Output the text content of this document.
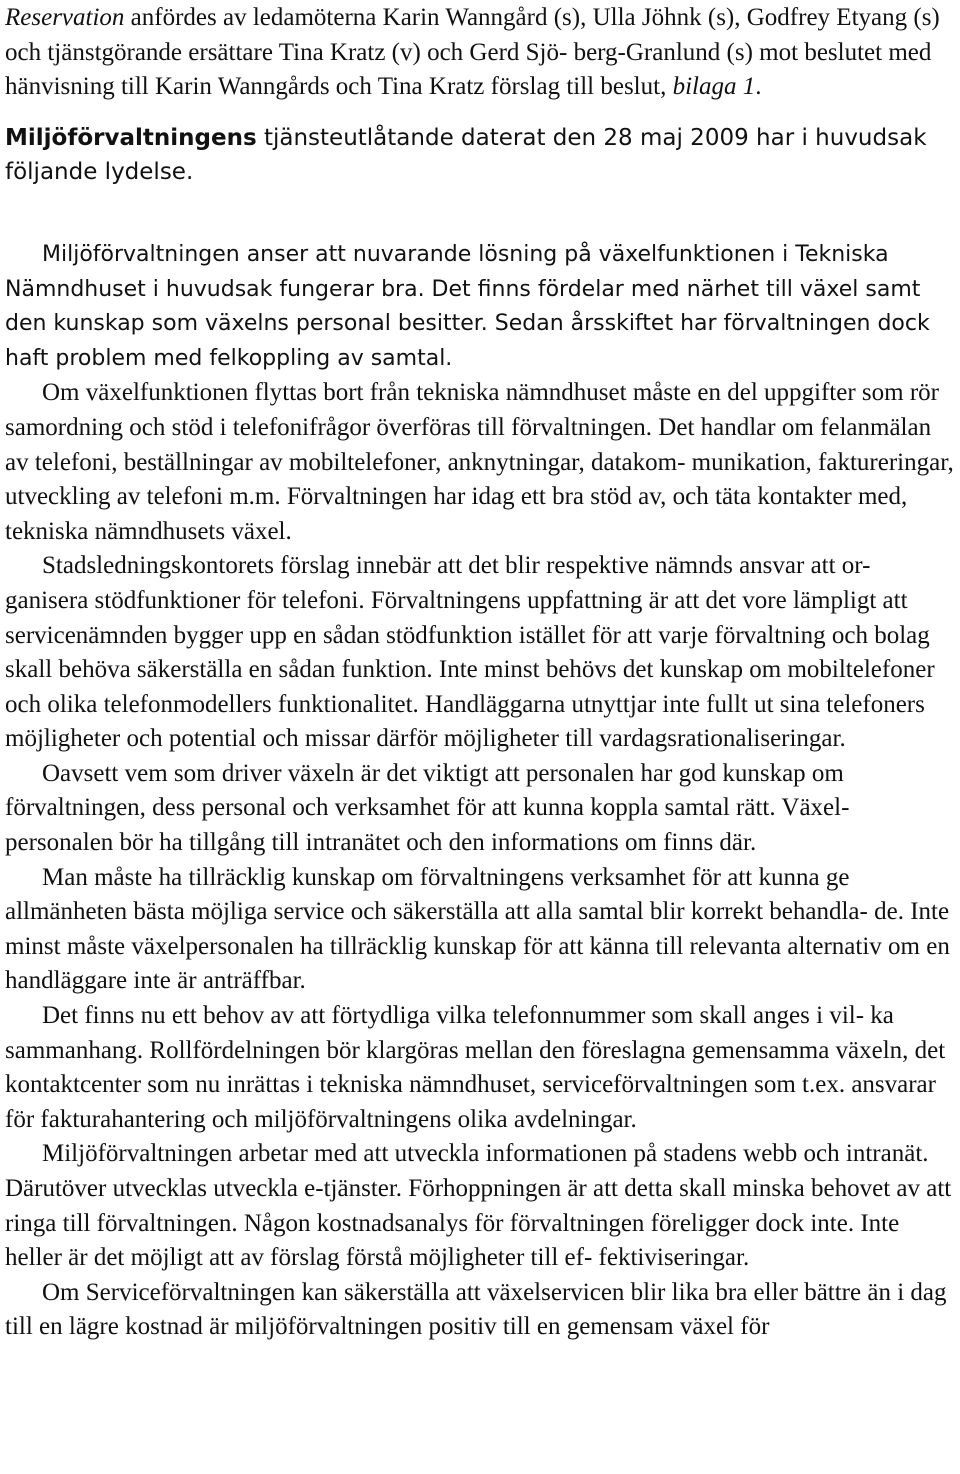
Reservation anfördes av ledamöterna Karin Wanngård (s), Ulla Jöhnk (s), Godfrey Etyang (s) och tjänstgörande ersättare Tina Kratz (v) och Gerd Sjö- berg-Granlund (s) mot beslutet med hänvisning till Karin Wanngårds och Tina Kratz förslag till beslut, bilaga 1.

Miljöförvaltningens tjänsteutlåtande daterat den 28 maj 2009 har i huvudsak följande lydelse.

Miljöförvaltningen anser att nuvarande lösning på växelfunktionen i Tekniska Nämndhuset i huvudsak fungerar bra. Det finns fördelar med närhet till växel samt den kunskap som växelns personal besitter. Sedan årsskiftet har förvaltningen dock haft problem med felkoppling av samtal.

Om växelfunktionen flyttas bort från tekniska nämndhuset måste en del uppgifter som rör samordning och stöd i telefonifrågor överföras till förvaltningen. Det handlar om felanmälan av telefoni, beställningar av mobiltelefoner, anknytningar, datakom- munikation, faktureringar, utveckling av telefoni m.m. Förvaltningen har idag ett bra stöd av, och täta kontakter med, tekniska nämndhusets växel.

Stadsledningskontorets förslag innebär att det blir respektive nämnds ansvar att or- ganisera stödfunktioner för telefoni. Förvaltningens uppfattning är att det vore lämpligt att servicenämnden bygger upp en sådan stödfunktion istället för att varje förvaltning och bolag skall behöva säkerställa en sådan funktion. Inte minst behövs det kunskap om mobiltelefoner och olika telefonmodellers funktionalitet. Handläggarna utnyttjar inte fullt ut sina telefoners möjligheter och potential och missar därför möjligheter till vardagsrationaliseringar.

Oavsett vem som driver växeln är det viktigt att personalen har god kunskap om förvaltningen, dess personal och verksamhet för att kunna koppla samtal rätt. Växel- personalen bör ha tillgång till intranätet och den informations om finns där.

Man måste ha tillräcklig kunskap om förvaltningens verksamhet för att kunna ge allmänheten bästa möjliga service och säkerställa att alla samtal blir korrekt behandla- de. Inte minst måste växelpersonalen ha tillräcklig kunskap för att känna till relevanta alternativ om en handläggare inte är anträffbar.

Det finns nu ett behov av att förtydliga vilka telefonnummer som skall anges i vil- ka sammanhang. Rollfördelningen bör klargöras mellan den föreslagna gemensamma växeln, det kontaktcenter som nu inrättas i tekniska nämndhuset, serviceförvaltningen som t.ex. ansvarar för fakturahantering och miljöförvaltningens olika avdelningar.

Miljöförvaltningen arbetar med att utveckla informationen på stadens webb och intranät. Därutöver utvecklas utveckla e-tjänster. Förhoppningen är att detta skall minska behovet av att ringa till förvaltningen. Någon kostnadsanalys för förvaltningen föreligger dock inte. Inte heller är det möjligt att av förslag förstå möjligheter till ef- fektiviseringar.

Om Serviceförvaltningen kan säkerställa att växelservicen blir lika bra eller bättre än i dag till en lägre kostnad är miljöförvaltningen positiv till en gemensam växel för
